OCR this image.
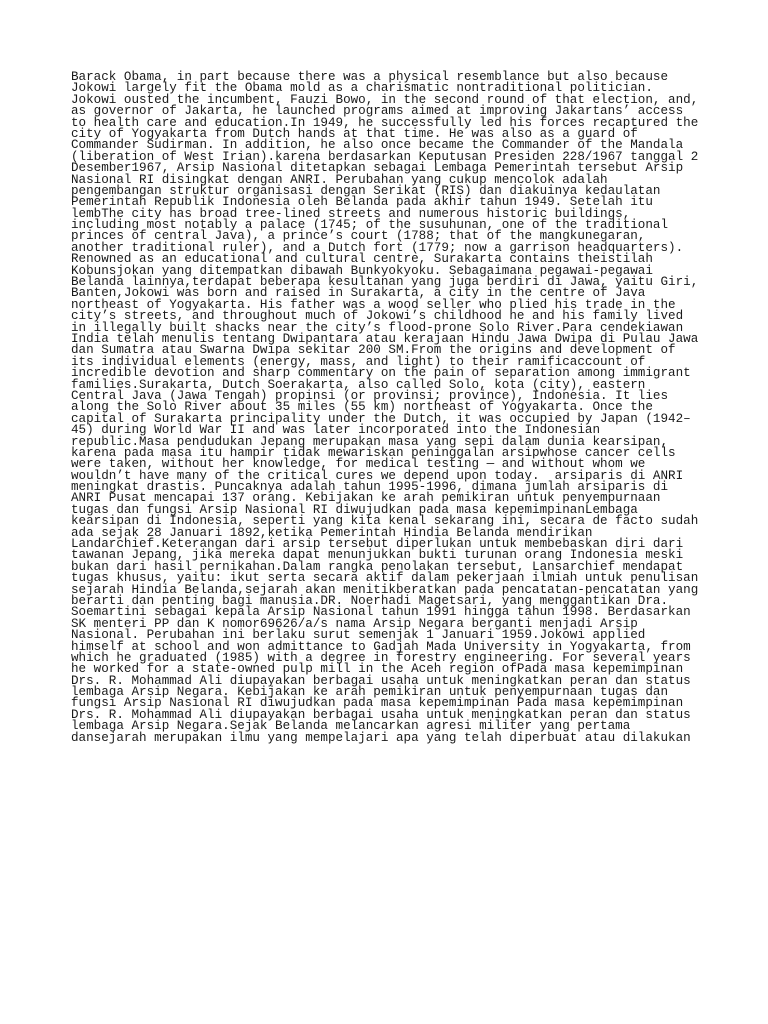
Barack Obama, in part because there was a physical resemblance but also because
Jokowi largely fit the Obama mold as a charismatic nontraditional politician.
Jokowi ousted the incumbent, Fauzi Bowo, in the second round of that election, and,
as governor of Jakarta, he launched programs aimed at improving Jakartans’ access
to health care and education.In 1949, he successfully led his forces recaptured the
city of Yogyakarta from Dutch hands at that time. He was also as a guard of
Commander Sudirman. In addition, he also once became the Commander of the Mandala
(liberation of West Irian).karena berdasarkan Keputusan Presiden 228/1967 tanggal 2
Desember1967, Arsip Nasional ditetapkan sebagai Lembaga Pemerintah tersebut Arsip
Nasional RI disingkat dengan ANRI. Perubahan yang cukup mencolok adalah
pengembangan struktur organisasi dengan Serikat (RIS) dan diakuinya kedaulatan
Pemerintah Republik Indonesia oleh Belanda pada akhir tahun 1949. Setelah itu
lembThe city has broad tree-lined streets and numerous historic buildings,
including most notably a palace (1745; of the susuhunan, one of the traditional
princes of central Java), a prince’s court (1788; that of the mangkunegaran,
another traditional ruler), and a Dutch fort (1779; now a garrison headquarters).
Renowned as an educational and cultural centre, Surakarta contains theistilah
Kobunsjokan yang ditempatkan dibawah Bunkyokyoku. Sebagaimana pegawai-pegawai
Belanda lainnya,terdapat beberapa kesultanan yang juga berdiri di Jawa, yaitu Giri,
Banten,Jokowi was born and raised in Surakarta, a city in the centre of Java
northeast of Yogyakarta. His father was a wood seller who plied his trade in the
city’s streets, and throughout much of Jokowi’s childhood he and his family lived
in illegally built shacks near the city’s flood-prone Solo River.Para cendekiawan
India telah menulis tentang Dwipantara atau kerajaan Hindu Jawa Dwipa di Pulau Jawa
dan Sumatra atau Swarna Dwipa sekitar 200 SM.From the origins and development of
its individual elements (energy, mass, and light) to their ramificaccount of
incredible devotion and sharp commentary on the pain of separation among immigrant
families.Surakarta, Dutch Soerakarta, also called Solo, kota (city), eastern
Central Java (Jawa Tengah) propinsi (or provinsi; province), Indonesia. It lies
along the Solo River about 35 miles (55 km) northeast of Yogyakarta. Once the
capital of Surakarta principality under the Dutch, it was occupied by Japan (1942–
45) during World War II and was later incorporated into the Indonesian
republic.Masa pendudukan Jepang merupakan masa yang sepi dalam dunia kearsipan,
karena pada masa itu hampir tidak mewariskan peninggalan arsipwhose cancer cells
were taken, without her knowledge, for medical testing — and without whom we
wouldn’t have many of the critical cures we depend upon today.  arsiparis di ANRI
meningkat drastis. Puncaknya adalah tahun 1995-1996, dimana jumlah arsiparis di
ANRI Pusat mencapai 137 orang. Kebijakan ke arah pemikiran untuk penyempurnaan
tugas dan fungsi Arsip Nasional RI diwujudkan pada masa kepemimpinanLembaga
kearsipan di Indonesia, seperti yang kita kenal sekarang ini, secara de facto sudah
ada sejak 28 Januari 1892,ketika Pemerintah Hindia Belanda mendirikan
Landarchief.Keterangan dari arsip tersebut diperlukan untuk membebaskan diri dari
tawanan Jepang, jika mereka dapat menunjukkan bukti turunan orang Indonesia meski
bukan dari hasil pernikahan.Dalam rangka penolakan tersebut, Lansarchief mendapat
tugas khusus, yaitu: ikut serta secara aktif dalam pekerjaan ilmiah untuk penulisan
sejarah Hindia Belanda,sejarah akan menitikberatkan pada pencatatan-pencatatan yang
berarti dan penting bagi manusia.DR. Noerhadi Magetsari, yang menggantikan Dra.
Soemartini sebagai kepala Arsip Nasional tahun 1991 hingga tahun 1998. Berdasarkan
SK menteri PP dan K nomor69626/a/s nama Arsip Negara berganti menjadi Arsip
Nasional. Perubahan ini berlaku surut semenjak 1 Januari 1959.Jokowi applied
himself at school and won admittance to Gadjah Mada University in Yogyakarta, from
which he graduated (1985) with a degree in forestry engineering. For several years
he worked for a state-owned pulp mill in the Aceh region ofPada masa kepemimpinan
Drs. R. Mohammad Ali diupayakan berbagai usaha untuk meningkatkan peran dan status
lembaga Arsip Negara. Kebijakan ke arah pemikiran untuk penyempurnaan tugas dan
fungsi Arsip Nasional RI diwujudkan pada masa kepemimpinan Pada masa kepemimpinan
Drs. R. Mohammad Ali diupayakan berbagai usaha untuk meningkatkan peran dan status
lembaga Arsip Negara.Sejak Belanda melancarkan agresi militer yang pertama
dansejarah merupakan ilmu yang mempelajari apa yang telah diperbuat atau dilakukan
